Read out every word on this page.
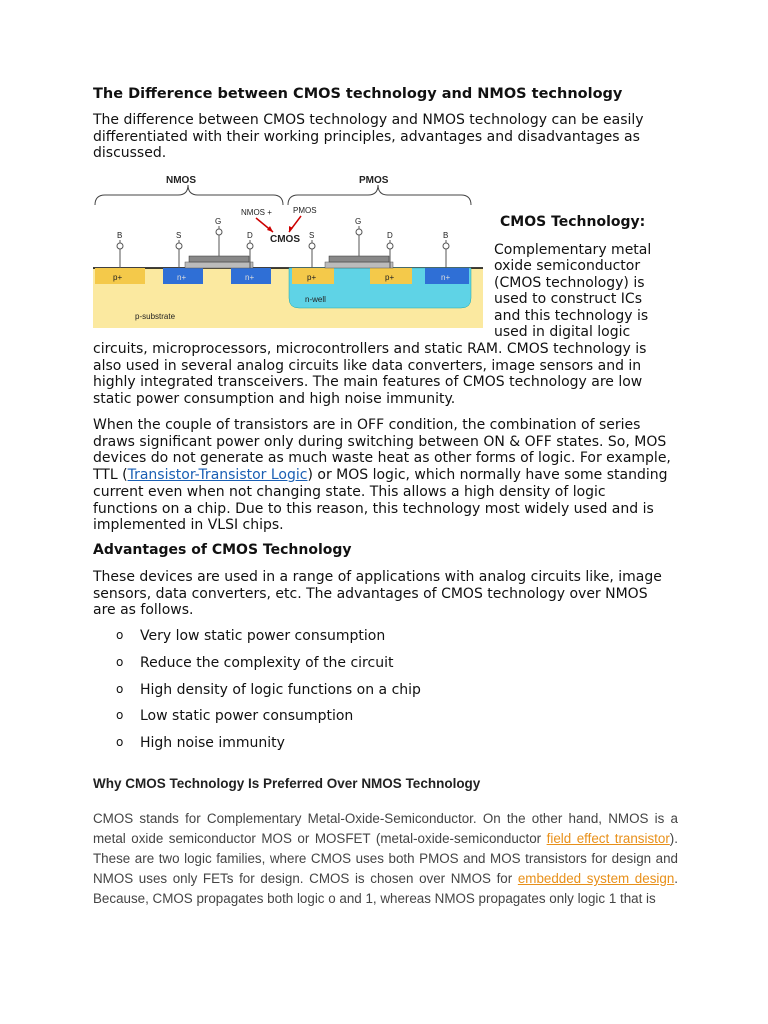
The Difference between CMOS technology and NMOS technology
The difference between CMOS technology and NMOS technology can be easily differentiated with their working principles, advantages and disadvantages as discussed.
NMOS	PMOS
NMOS +	PMOS
CMOS
p-substrate
n-well
p+	n+	n+	p+	p+	n+
B	S
G
D	S
G
D	B
CMOS Technology:
Complementary metal oxide semiconductor (CMOS technology) is used to construct ICs and this technology is used in digital logic
circuits, microprocessors, microcontrollers and static RAM. CMOS technology is also used in several analog circuits like data converters, image sensors and in highly integrated transceivers. The main features of CMOS technology are low static power consumption and high noise immunity.
When the couple of transistors are in OFF condition, the combination of series draws significant power only during switching between ON & OFF states. So, MOS devices do not generate as much waste heat as other forms of logic. For example, TTL (Transistor-Transistor Logic) or MOS logic, which normally have some standing current even when not changing state. This allows a high density of logic functions on a chip. Due to this reason, this technology most widely used and is implemented in VLSI chips.
Advantages of CMOS Technology
These devices are used in a range of applications with analog circuits like, image sensors, data converters, etc. The advantages of CMOS technology over NMOS are as follows.
o	Very low static power consumption
o	Reduce the complexity of the circuit
o	High density of logic functions on a chip
o	Low static power consumption
o	High noise immunity
Why CMOS Technology Is Preferred Over NMOS Technology
CMOS stands for Complementary Metal-Oxide-Semiconductor. On the other hand, NMOS is a metal oxide semiconductor MOS or MOSFET (metal-oxide-semiconductor field effect transistor). These are two logic families, where CMOS uses both PMOS and MOS transistors for design and NMOS uses only FETs for design. CMOS is chosen over NMOS for embedded system design. Because, CMOS propagates both logic o and 1, whereas NMOS propagates only logic 1 that is
